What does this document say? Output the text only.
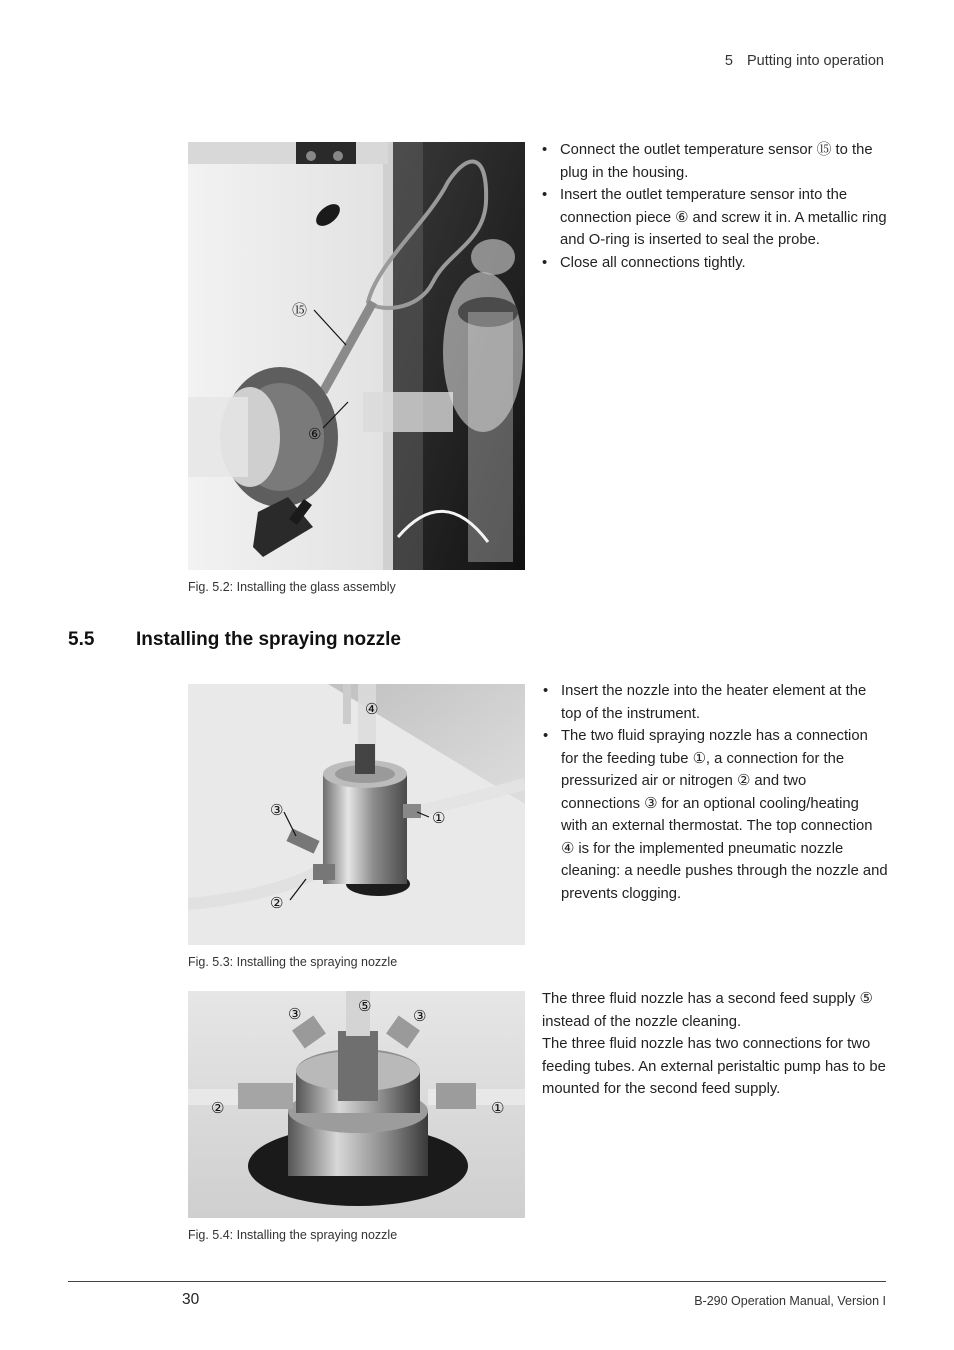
5 Putting into operation
⑮
⑥
Fig. 5.2: Installing the glass assembly
• Connect the outlet temperature sensor ⑮ to the plug in the housing.
• Insert the outlet temperature sensor into the connection piece ⑥ and screw it in. A metallic ring and O-ring is inserted to seal the probe.
• Close all connections tightly.
5.5 Installing the spraying nozzle
④
③	①
②
Fig. 5.3: Installing the spraying nozzle
• Insert the nozzle into the heater element at the top of the instrument.
• The two fluid spraying nozzle has a connection for the feeding tube ①, a connection for the pressurized air or nitrogen ② and two connections ③ for an optional cooling/heating with an external thermostat. The top connection ④ is for the implemented pneumatic nozzle cleaning: a needle pushes through the nozzle and prevents clogging.
③	⑤
③
②	①
Fig. 5.4: Installing the spraying nozzle
The three fluid nozzle has a second feed supply ⑤ instead of the nozzle cleaning.
The three fluid nozzle has two connections for two feeding tubes. An external peristaltic pump has to be mounted for the second feed supply.
30	B-290 Operation Manual, Version I
